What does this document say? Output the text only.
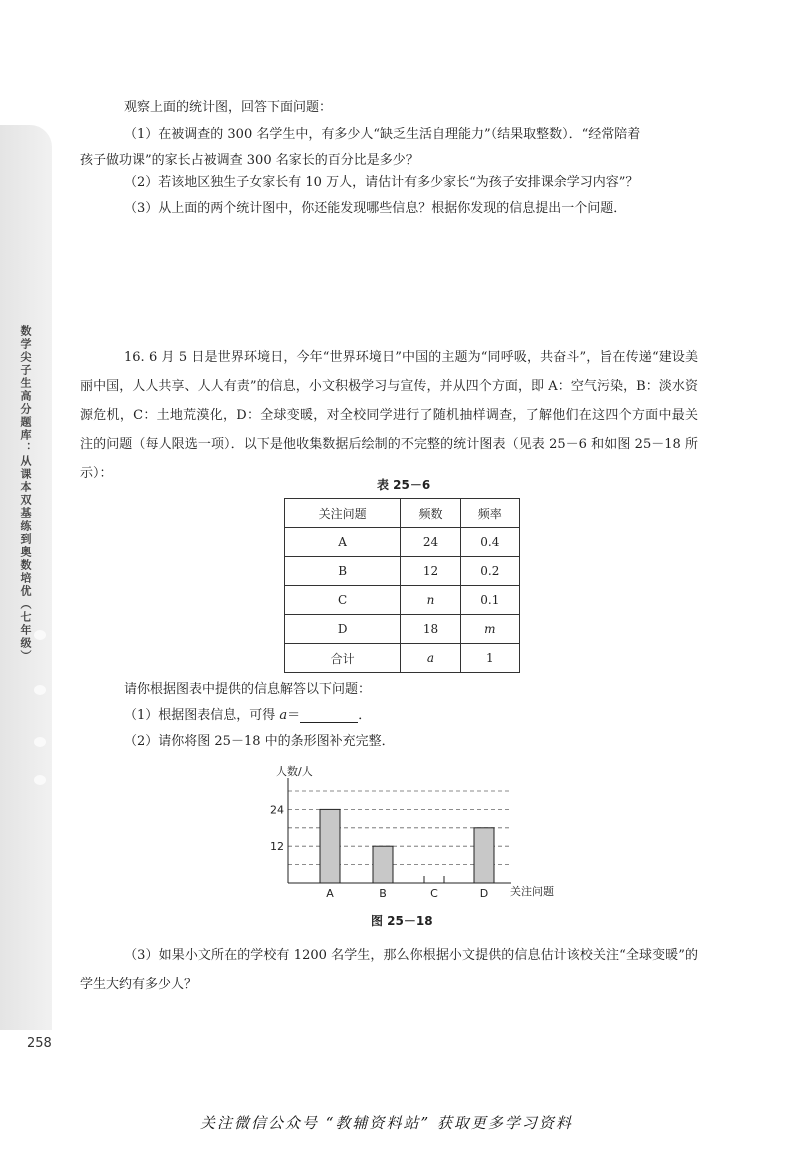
数学尖子生高分题库：从课本双基练到奥数培优（七年级）
258
观察上面的统计图，回答下面问题：
（1）在被调查的 300 名学生中，有多少人“缺乏生活自理能力”（结果取整数）．“经常陪着
孩子做功课”的家长占被调查 300 名家长的百分比是多少？
（2）若该地区独生子女家长有 10 万人，请估计有多少家长“为孩子安排课余学习内容”？
（3）从上面的两个统计图中，你还能发现哪些信息？根据你发现的信息提出一个问题．
16. 6 月 5 日是世界环境日，今年“世界环境日”中国的主题为“同呼吸，共奋斗”，旨在传递“建设美丽中国，人人共享、人人有责”的信息，小文积极学习与宣传，并从四个方面，即 A：空气污染，B：淡水资源危机，C：土地荒漠化，D：全球变暖，对全校同学进行了随机抽样调查，了解他们在这四个方面中最关注的问题（每人限选一项）．以下是他收集数据后绘制的不完整的统计图表（见表 25－6 和如图 25－18 所示）：
表 25－6
关注问题	频数	频率
A	24	0.4
B	12	0.2
C	n	0.1
D	18	m
合计	a	1
请你根据图表中提供的信息解答以下问题：
（1）根据图表信息，可得 a＝	．
（2）请你将图 25－18 中的条形图补充完整．
12
24
A	B	C	D
人数/人
关注问题
图 25－18
（3）如果小文所在的学校有 1200 名学生，那么你根据小文提供的信息估计该校关注“全球变暖”的学生大约有多少人？
关注微信公众号 “教辅资料站” 获取更多学习资料
